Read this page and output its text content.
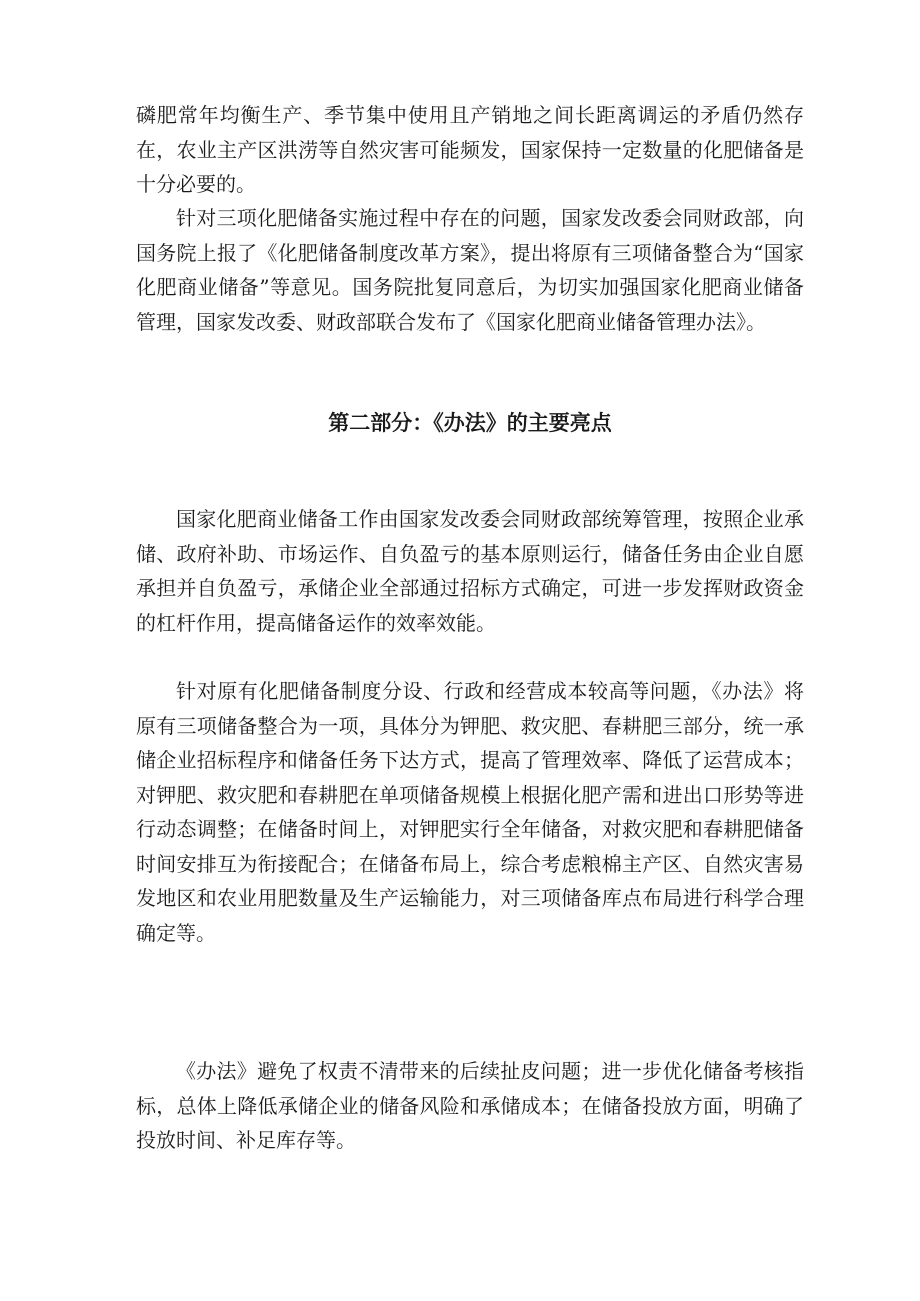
磷肥常年均衡生产、季节集中使用且产销地之间长距离调运的矛盾仍然存在，农业主产区洪涝等自然灾害可能频发，国家保持一定数量的化肥储备是十分必要的。

针对三项化肥储备实施过程中存在的问题，国家发改委会同财政部，向国务院上报了《化肥储备制度改革方案》，提出将原有三项储备整合为“国家化肥商业储备”等意见。国务院批复同意后，为切实加强国家化肥商业储备管理，国家发改委、财政部联合发布了《国家化肥商业储备管理办法》。

第二部分：《办法》的主要亮点

国家化肥商业储备工作由国家发改委会同财政部统筹管理，按照企业承储、政府补助、市场运作、自负盈亏的基本原则运行，储备任务由企业自愿承担并自负盈亏，承储企业全部通过招标方式确定，可进一步发挥财政资金的杠杆作用，提高储备运作的效率效能。

针对原有化肥储备制度分设、行政和经营成本较高等问题，《办法》将原有三项储备整合为一项，具体分为钾肥、救灾肥、春耕肥三部分，统一承储企业招标程序和储备任务下达方式，提高了管理效率、降低了运营成本；对钾肥、救灾肥和春耕肥在单项储备规模上根据化肥产需和进出口形势等进行动态调整；在储备时间上，对钾肥实行全年储备，对救灾肥和春耕肥储备时间安排互为衔接配合；在储备布局上，综合考虑粮棉主产区、自然灾害易发地区和农业用肥数量及生产运输能力，对三项储备库点布局进行科学合理确定等。

《办法》避免了权责不清带来的后续扯皮问题；进一步优化储备考核指标，总体上降低承储企业的储备风险和承储成本；在储备投放方面，明确了投放时间、补足库存等。
